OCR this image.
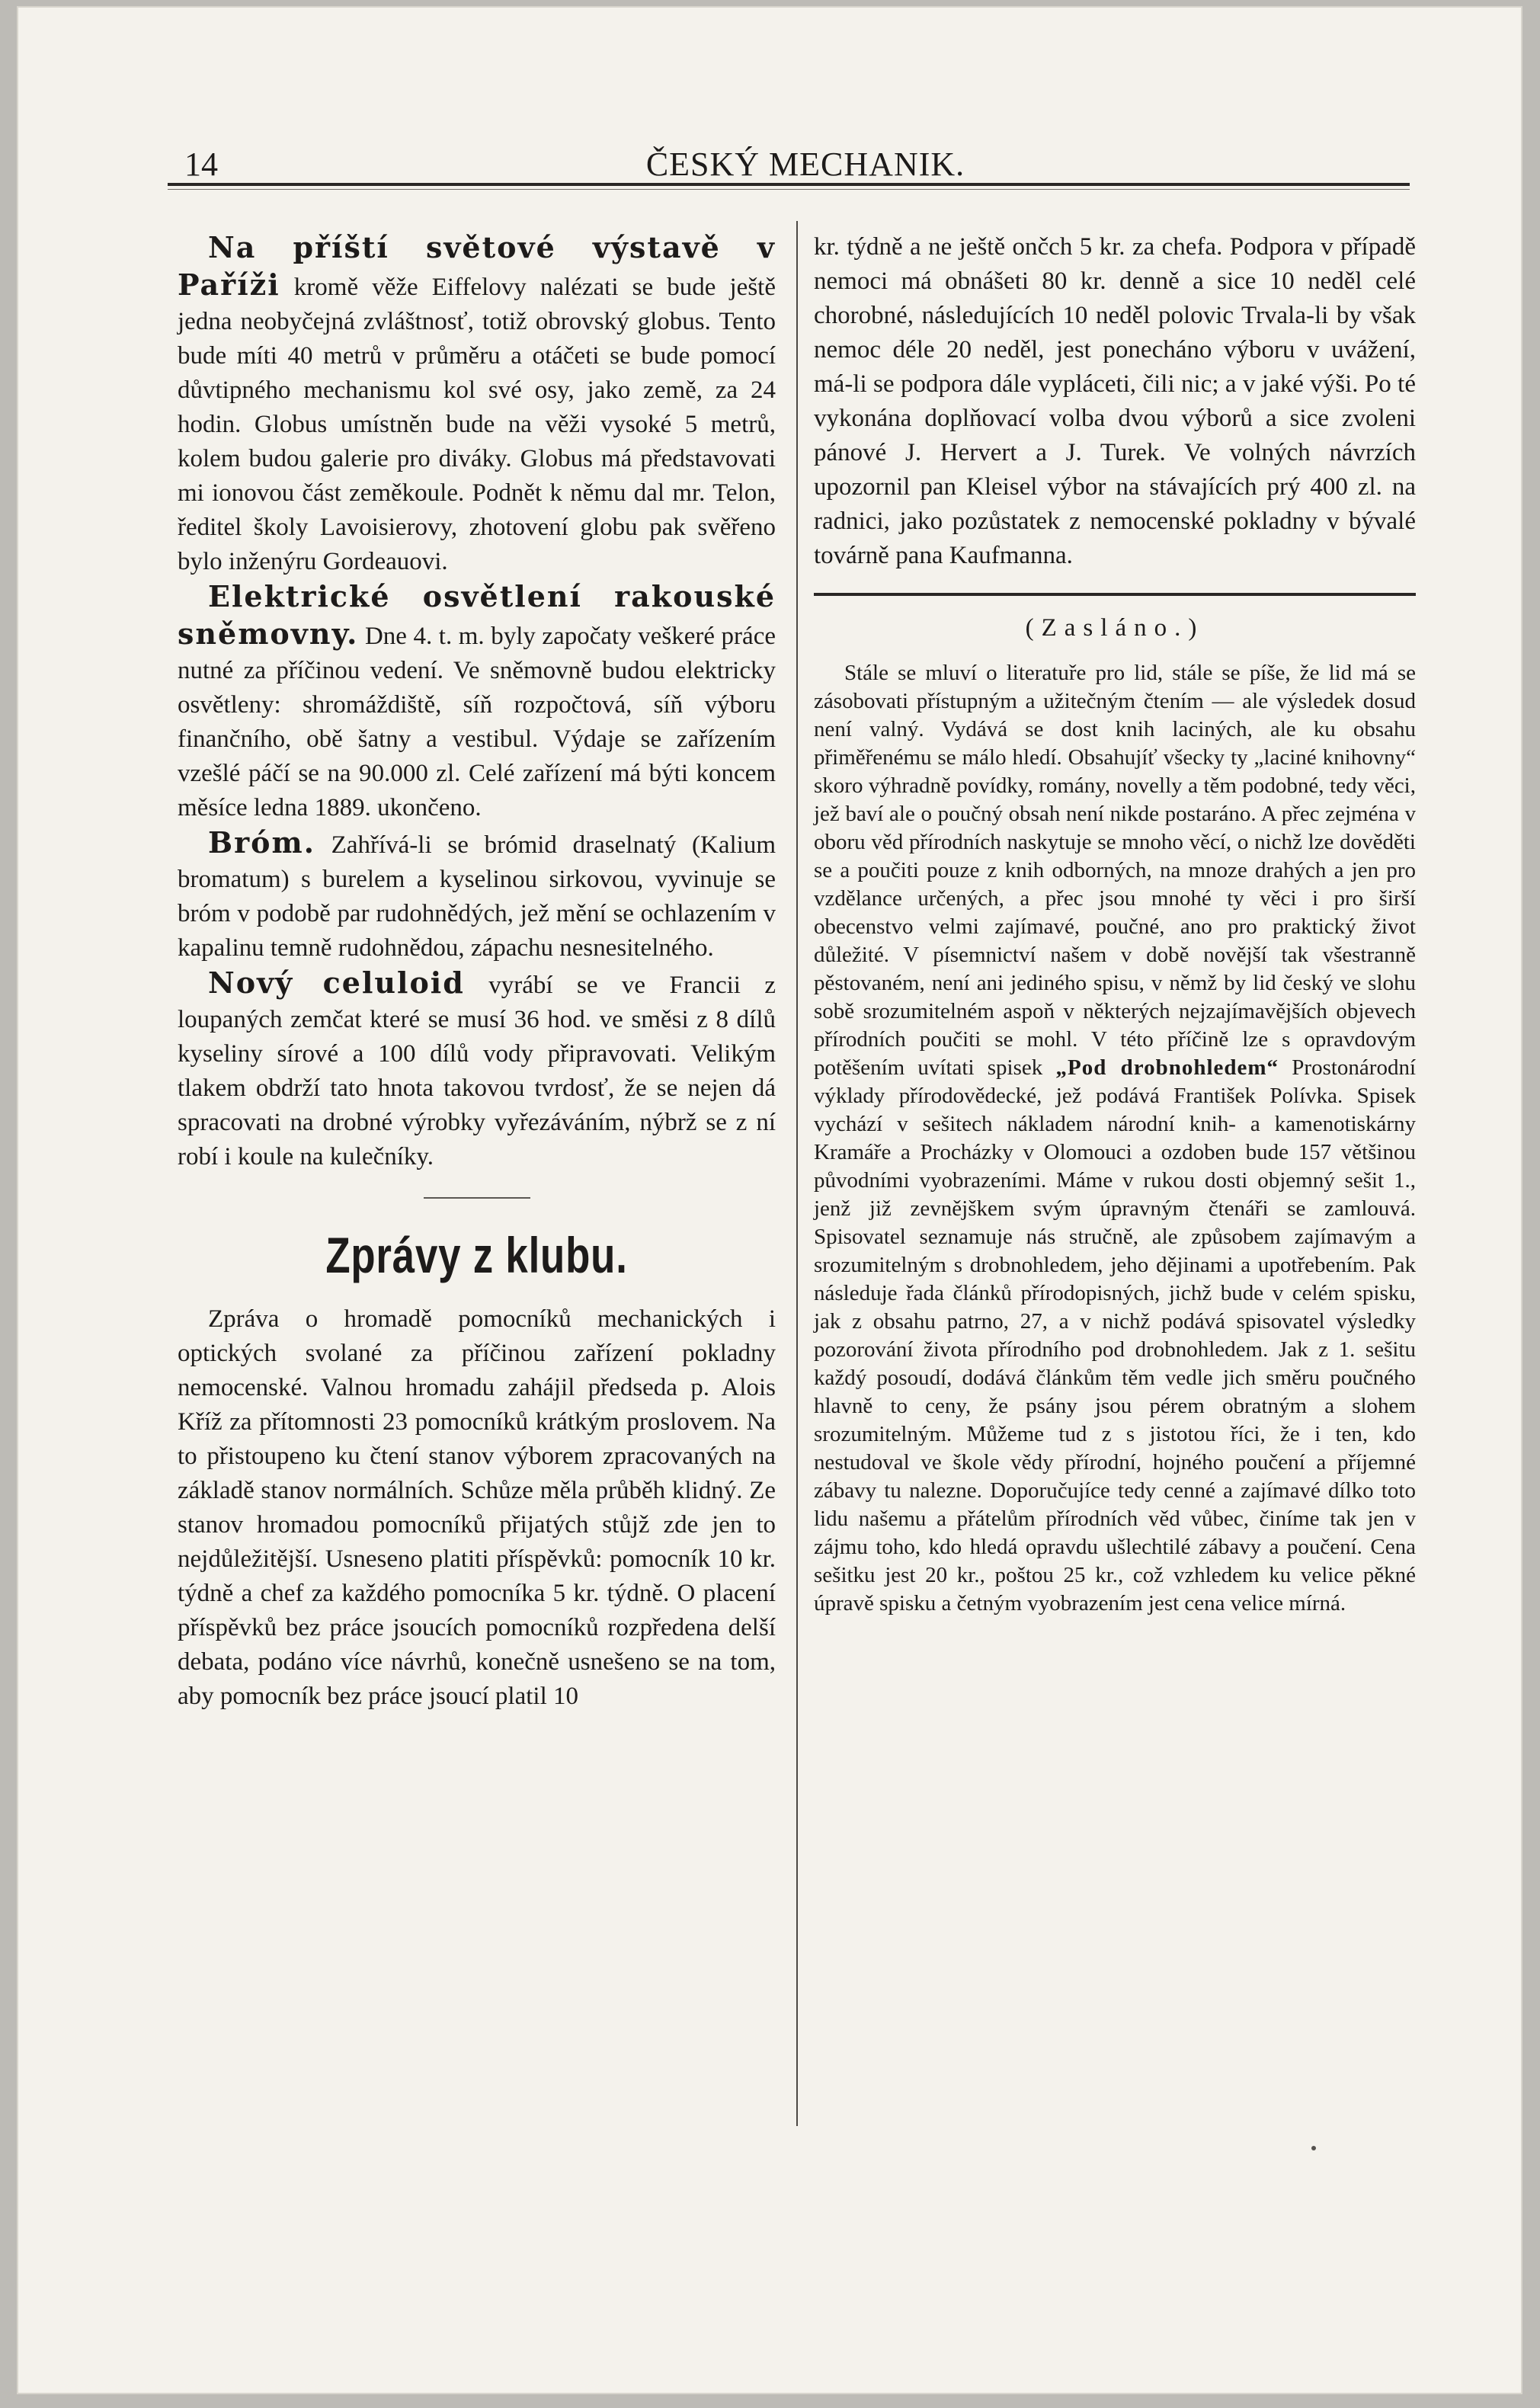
14	ČESKÝ MECHANIK.

Na příští světové výstavě v Paříži kromě věže Eiffelovy nalézati se bude ještě jedna neobyčejná zvláštnosť, totiž obrovský globus. Tento bude míti 40 metrů v průměru a otáčeti se bude pomocí důvtipného mechanismu kol své osy, jako země, za 24 hodin. Globus umístněn bude na věži vysoké 5 metrů, kolem budou galerie pro diváky. Globus má představovati mi ionovou část zeměkoule. Podnět k němu dal mr. Telon, ředitel školy Lavoisierovy, zhotovení globu pak svěřeno bylo inženýru Gordeauovi.

Elektrické osvětlení rakouské sněmovny. Dne 4. t. m. byly započaty veškeré práce nutné za příčinou vedení. Ve sněmovně budou elektricky osvětleny: shromáždiště, síň rozpočtová, síň výboru finančního, obě šatny a vestibul. Výdaje se zařízením vzešlé páčí se na 90.000 zl. Celé zařízení má býti koncem měsíce ledna 1889. ukončeno.

Bróm. Zahřívá-li se brómid draselnatý (Kalium bromatum) s burelem a kyselinou sirkovou, vyvinuje se bróm v podobě par rudohnědých, jež mění se ochlazením v kapalinu temně rudohnědou, zápachu nesnesitelného.

Nový celuloid vyrábí se ve Francii z loupaných zemčat které se musí 36 hod. ve směsi z 8 dílů kyseliny sírové a 100 dílů vody připravovati. Velikým tlakem obdrží tato hnota takovou tvrdosť, že se nejen dá spracovati na drobné výrobky vyřezáváním, nýbrž se z ní robí i koule na kulečníky.

Zprávy z klubu.

Zpráva o hromadě pomocníků mechanických i optických svolané za příčinou zařízení pokladny nemocenské. Valnou hromadu zahájil předseda p. Alois Kříž za přítomnosti 23 pomocníků krátkým proslovem. Na to přistoupeno ku čtení stanov výborem zpracovaných na základě stanov normálních. Schůze měla průběh klidný. Ze stanov hromadou pomocníků přijatých stůjž zde jen to nejdůležitější. Usneseno platiti příspěvků: pomocník 10 kr. týdně a chef za každého pomocníka 5 kr. týdně. O placení příspěvků bez práce jsoucích pomocníků rozpředena delší debata, podáno více návrhů, konečně usnešeno se na tom, aby pomocník bez práce jsoucí platil 10

kr. týdně a ne ještě ončch 5 kr. za chefa. Podpora v případě nemoci má obnášeti 80 kr. denně a sice 10 neděl celé chorobné, následujících 10 neděl polovic Trvala-li by však nemoc déle 20 neděl, jest ponecháno výboru v uvážení, má-li se podpora dále vypláceti, čili nic; a v jaké výši. Po té vykonána doplňovací volba dvou výborů a sice zvoleni pánové J. Hervert a J. Turek. Ve volných návrzích upozornil pan Kleisel výbor na stávajících prý 400 zl. na radnici, jako pozůstatek z nemocenské pokladny v bývalé továrně pana Kaufmanna.

(Zasláno.)

Stále se mluví o literatuře pro lid, stále se píše, že lid má se zásobovati přístupným a užitečným čtením — ale výsledek dosud není valný. Vydává se dost knih laciných, ale ku obsahu přiměřenému se málo hledí. Obsahujíť všecky ty „laciné knihovny“ skoro výhradně povídky, romány, novelly a těm podobné, tedy věci, jež baví ale o poučný obsah není nikde postaráno. A přec zejména v oboru věd přírodních naskytuje se mnoho věcí, o nichž lze dověděti se a poučiti pouze z knih odborných, na mnoze drahých a jen pro vzdělance určených, a přec jsou mnohé ty věci i pro širší obecenstvo velmi zajímavé, poučné, ano pro praktický život důležité. V písemnictví našem v době novější tak všestranně pěstovaném, není ani jediného spisu, v němž by lid český ve slohu sobě srozumitelném aspoň v některých nejzajímavějších objevech přírodních poučiti se mohl. V této příčině lze s opravdovým potěšením uvítati spisek „Pod drobnohledem“ Prostonárodní výklady přírodovědecké, jež podává František Polívka. Spisek vychází v sešitech nákladem národní knih- a kamenotiskárny Kramáře a Procházky v Olomouci a ozdoben bude 157 většinou původními vyobrazeními. Máme v rukou dosti objemný sešit 1., jenž již zevnějškem svým úpravným čtenáři se zamlouvá. Spisovatel seznamuje nás stručně, ale způsobem zajímavým a srozumitelným s drobnohledem, jeho dějinami a upotřebením. Pak následuje řada článků přírodopisných, jichž bude v celém spisku, jak z obsahu patrno, 27, a v nichž podává spisovatel výsledky pozorování života přírodního pod drobnohledem. Jak z 1. sešitu každý posoudí, dodává článkům těm vedle jich směru poučného hlavně to ceny, že psány jsou pérem obratným a slohem srozumitelným. Můžeme tud z s jistotou říci, že i ten, kdo nestudoval ve škole vědy přírodní, hojného poučení a příjemné zábavy tu nalezne. Doporučujíce tedy cenné a zajímavé dílko toto lidu našemu a přátelům přírodních věd vůbec, činíme tak jen v zájmu toho, kdo hledá opravdu ušlechtilé zábavy a poučení. Cena sešitku jest 20 kr., poštou 25 kr., což vzhledem ku velice pěkné úpravě spisku a četným vyobrazením jest cena velice mírná.
